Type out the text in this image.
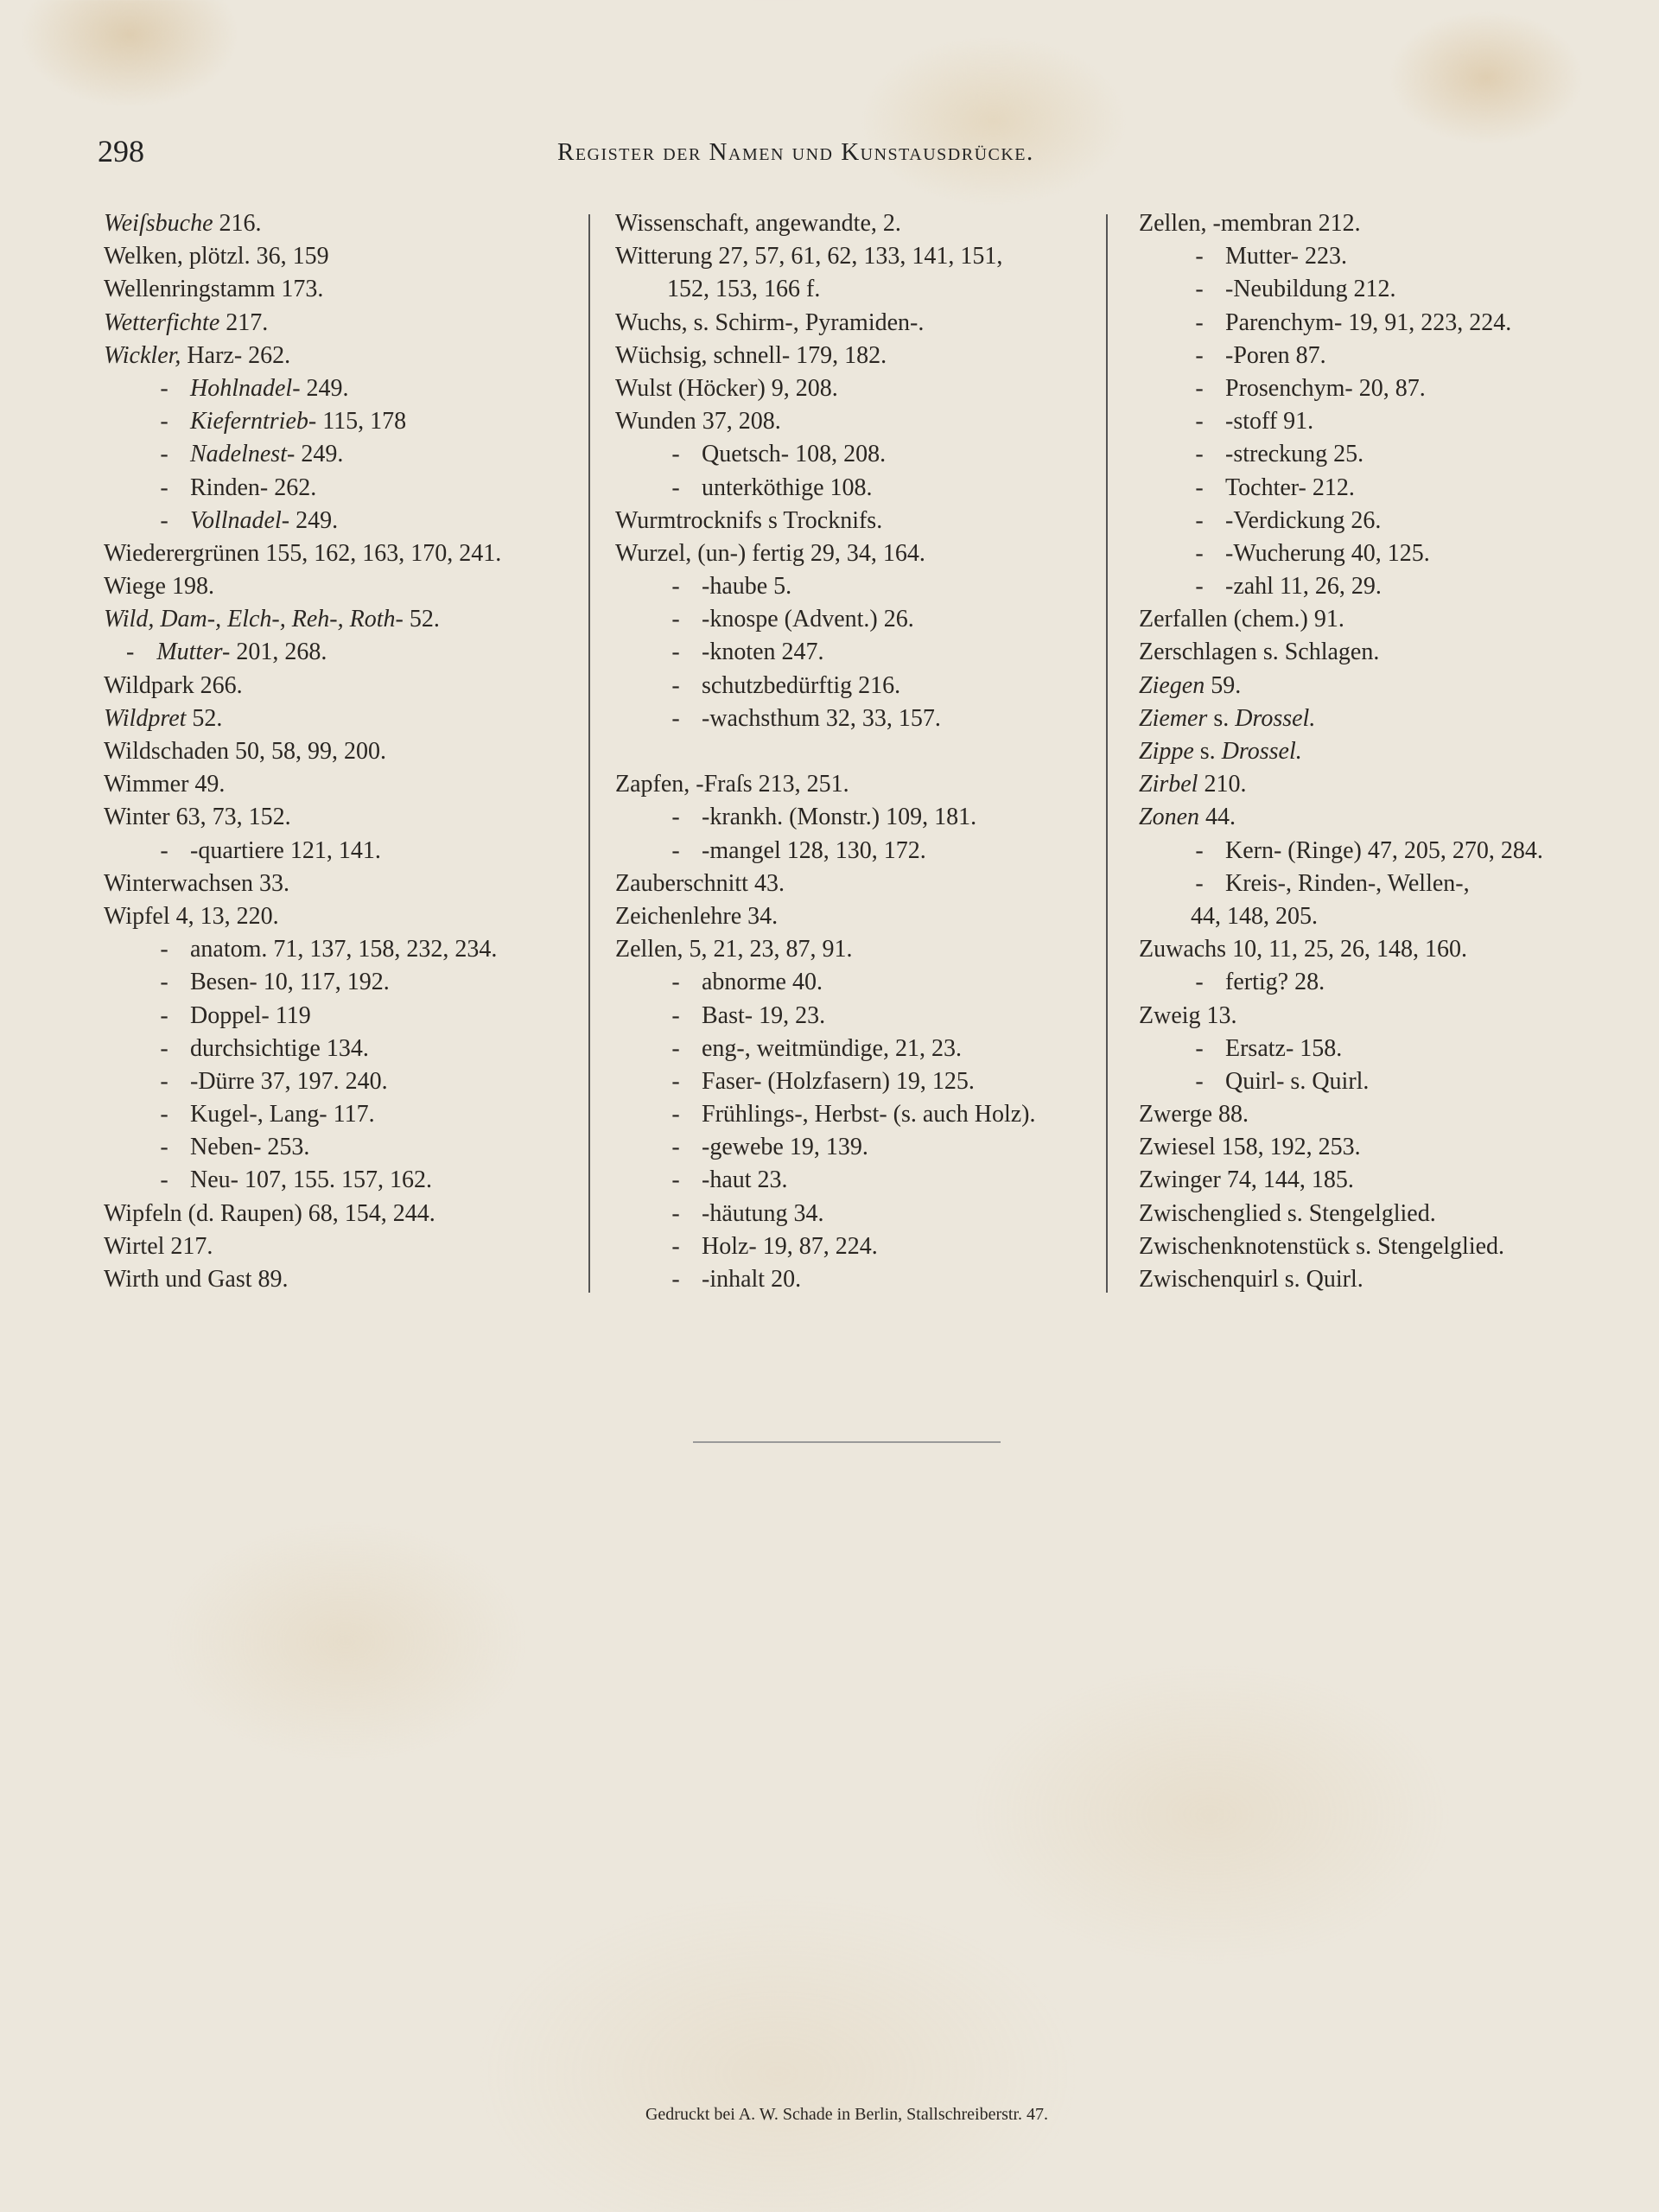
298	Register der Namen und Kunstausdrücke.
Weiſsbuche 216.
Welken, plötzl. 36, 159
Wellenringstamm 173.
Wetterfichte 217.
Wickler, Harz- 262.
- Hohlnadel- 249.
- Kieferntrieb- 115, 178
- Nadelnest- 249.
- Rinden- 262.
- Vollnadel- 249.
Wiederergrünen 155, 162, 163, 170, 241.
Wiege 198.
Wild, Dam-, Elch-, Reh-, Roth- 52.
- Mutter- 201, 268.
Wildpark 266.
Wildpret 52.
Wildschaden 50, 58, 99, 200.
Wimmer 49.
Winter 63, 73, 152.
- -quartiere 121, 141.
Winterwachsen 33.
Wipfel 4, 13, 220.
- anatom. 71, 137, 158, 232, 234.
- Besen- 10, 117, 192.
- Doppel- 119
- durchsichtige 134.
- -Dürre 37, 197. 240.
- Kugel-, Lang- 117.
- Neben- 253.
- Neu- 107, 155. 157, 162.
Wipfeln (d. Raupen) 68, 154, 244.
Wirtel 217.
Wirth und Gast 89.
Wissenschaft, angewandte, 2.
Witterung 27, 57, 61, 62, 133, 141, 151,
152, 153, 166 f.
Wuchs, s. Schirm-, Pyramiden-.
Wüchsig, schnell- 179, 182.
Wulst (Höcker) 9, 208.
Wunden 37, 208.
- Quetsch- 108, 208.
- unterköthige 108.
Wurmtrocknifs s Trocknifs.
Wurzel, (un-) fertig 29, 34, 164.
- -haube 5.
- -knospe (Advent.) 26.
- -knoten 247.
- schutzbedürftig 216.
- -wachsthum 32, 33, 157.
Zapfen, -Fraſs 213, 251.
- -krankh. (Monstr.) 109, 181.
- -mangel 128, 130, 172.
Zauberschnitt 43.
Zeichenlehre 34.
Zellen, 5, 21, 23, 87, 91.
- abnorme 40.
- Bast- 19, 23.
- eng-, weitmündige, 21, 23.
- Faser- (Holzfasern) 19, 125.
- Frühlings-, Herbst- (s. auch Holz).
- -gewebe 19, 139.
- -haut 23.
- -häutung 34.
- Holz- 19, 87, 224.
- -inhalt 20.
Zellen, -membran 212.
- Mutter- 223.
- -Neubildung 212.
- Parenchym- 19, 91, 223, 224.
- -Poren 87.
- Prosenchym- 20, 87.
- -stoff 91.
- -streckung 25.
- Tochter- 212.
- -Verdickung 26.
- -Wucherung 40, 125.
- -zahl 11, 26, 29.
Zerfallen (chem.) 91.
Zerschlagen s. Schlagen.
Ziegen 59.
Ziemer s. Drossel.
Zippe s. Drossel.
Zirbel 210.
Zonen 44.
- Kern- (Ringe) 47, 205, 270, 284.
- Kreis-, Rinden-, Wellen-,
44, 148, 205.
Zuwachs 10, 11, 25, 26, 148, 160.
- fertig? 28.
Zweig 13.
- Ersatz- 158.
- Quirl- s. Quirl.
Zwerge 88.
Zwiesel 158, 192, 253.
Zwinger 74, 144, 185.
Zwischenglied s. Stengelglied.
Zwischenknotenstück s. Stengelglied.
Zwischenquirl s. Quirl.
Gedruckt bei A. W. Schade in Berlin, Stallschreiberstr. 47.
